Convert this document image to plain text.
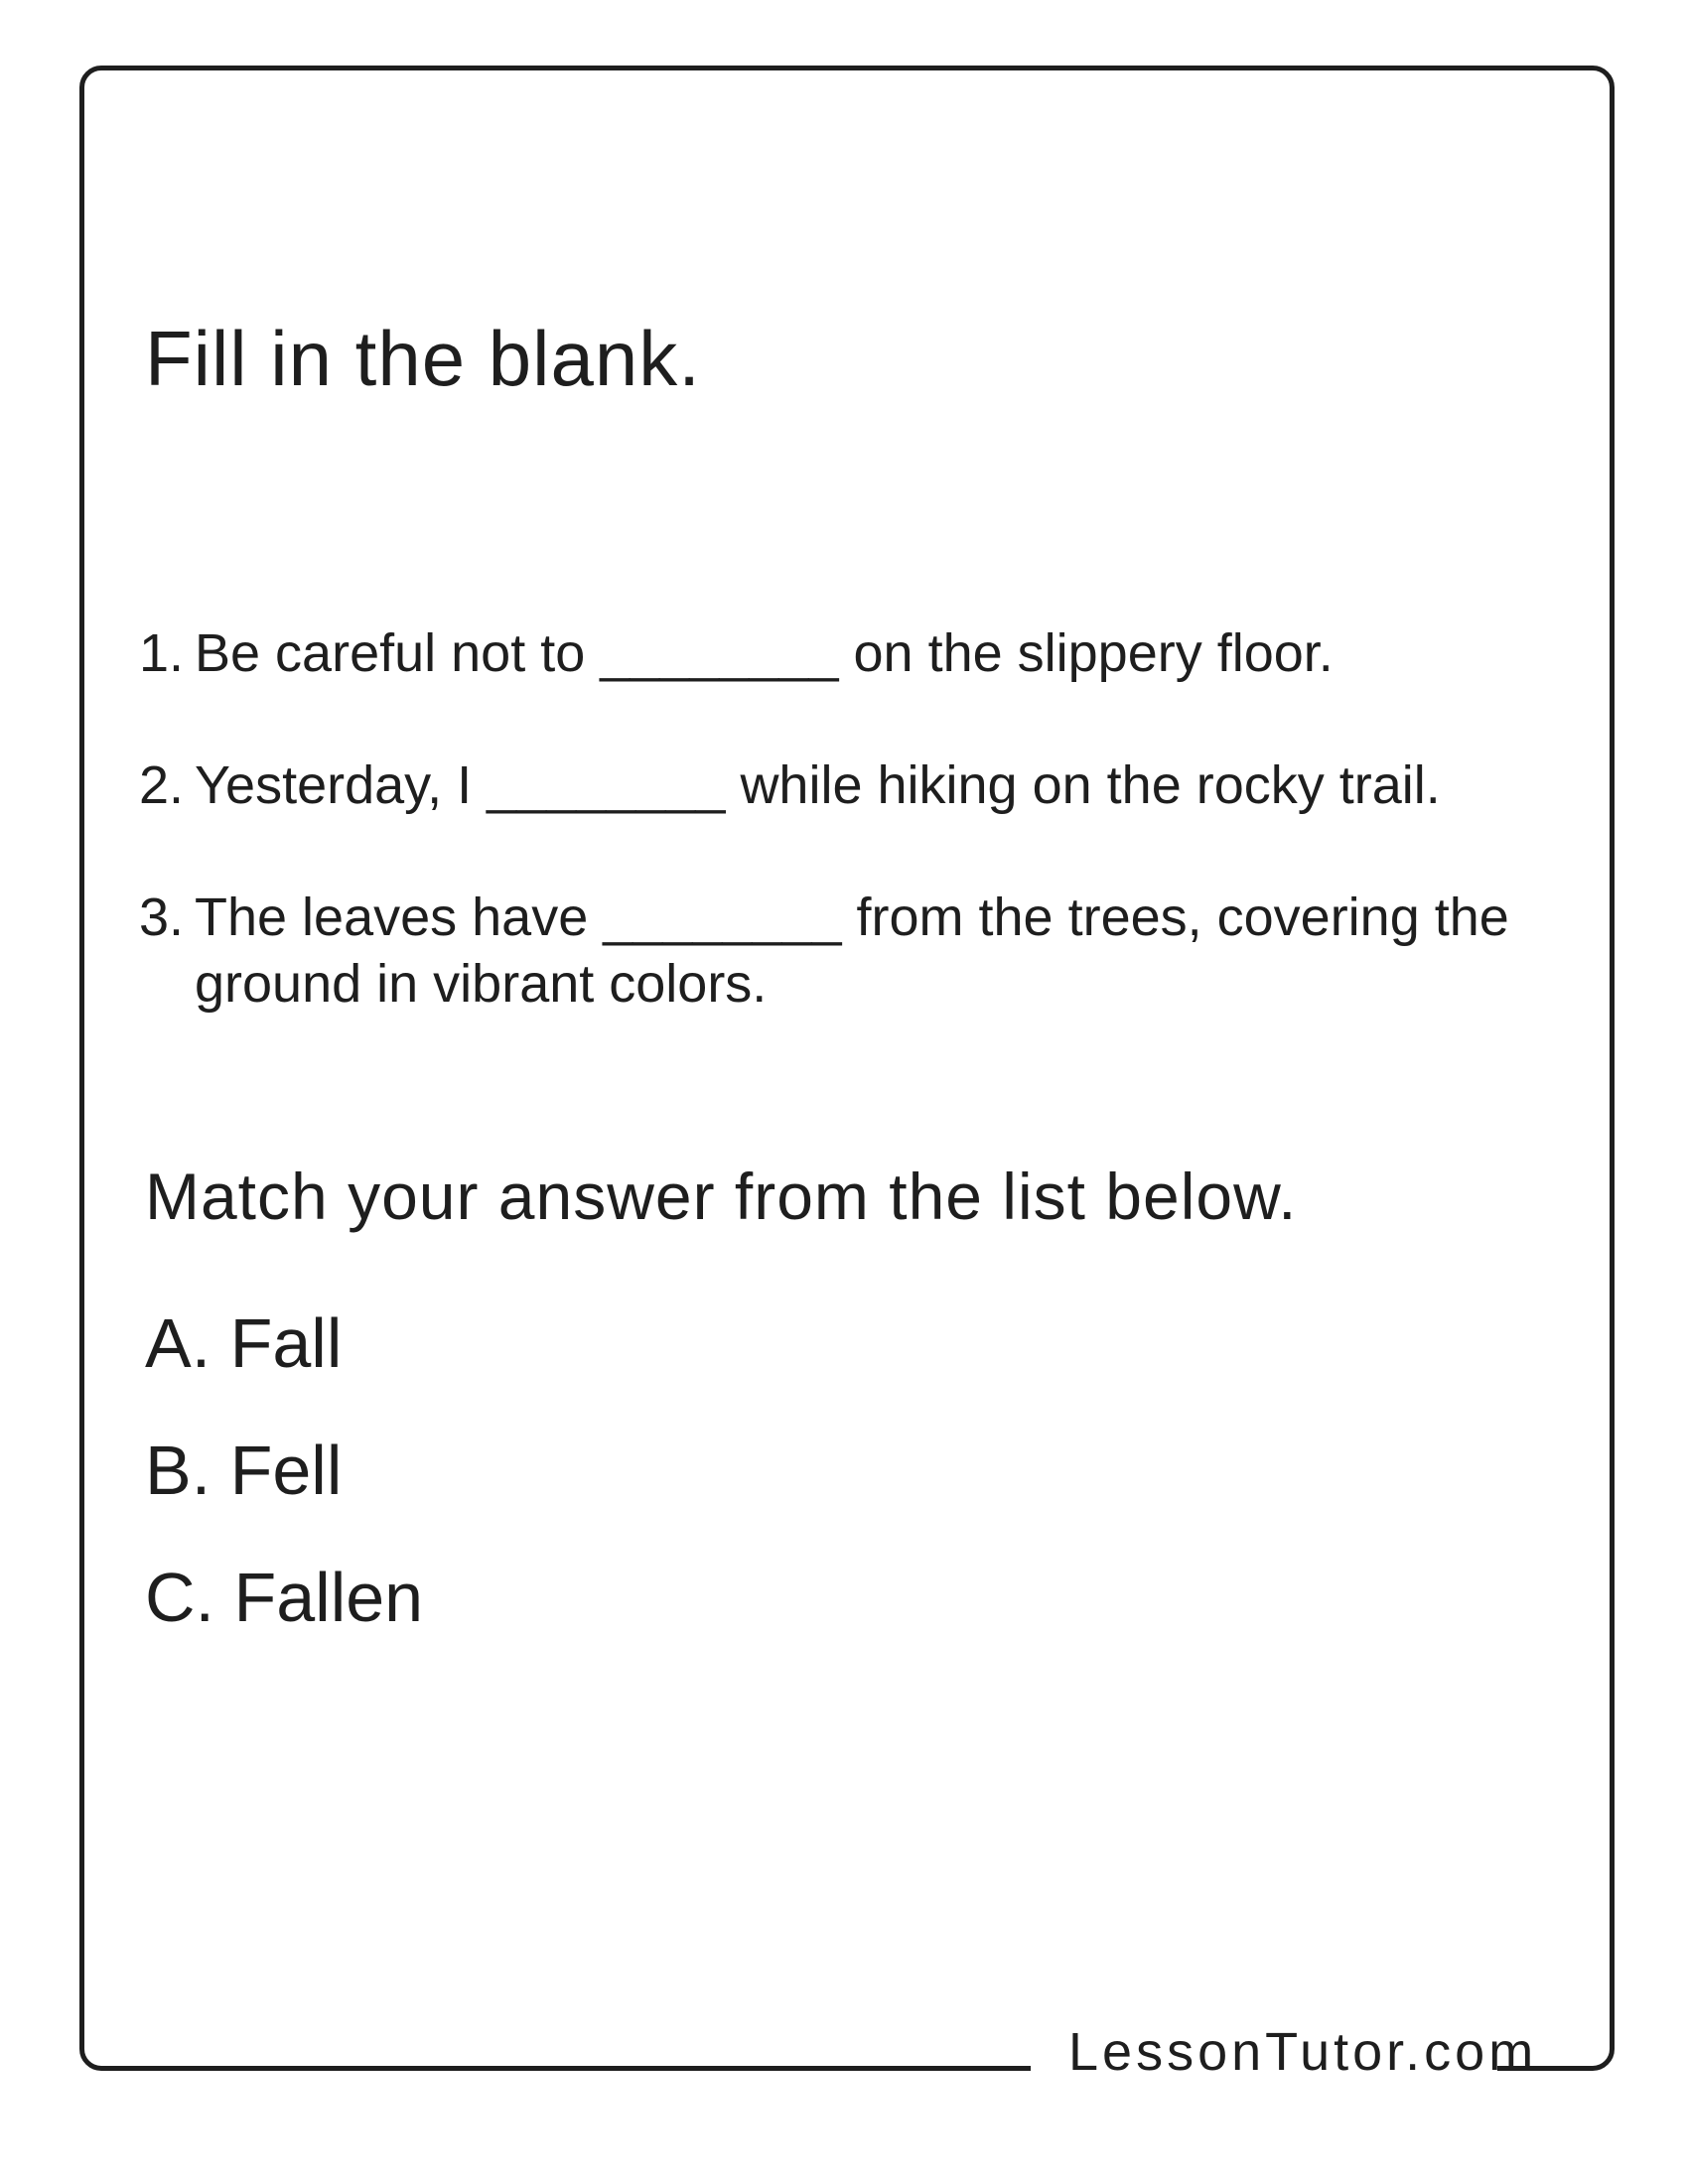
Fill in the blank.
1. Be careful not to ________ on the slippery floor.
2. Yesterday, I ________ while hiking on the rocky trail.
3. The leaves have ________ from the trees, covering the ground in vibrant colors.
Match your answer from the list below.
A. Fall
B. Fell
C. Fallen
LessonTutor.com
